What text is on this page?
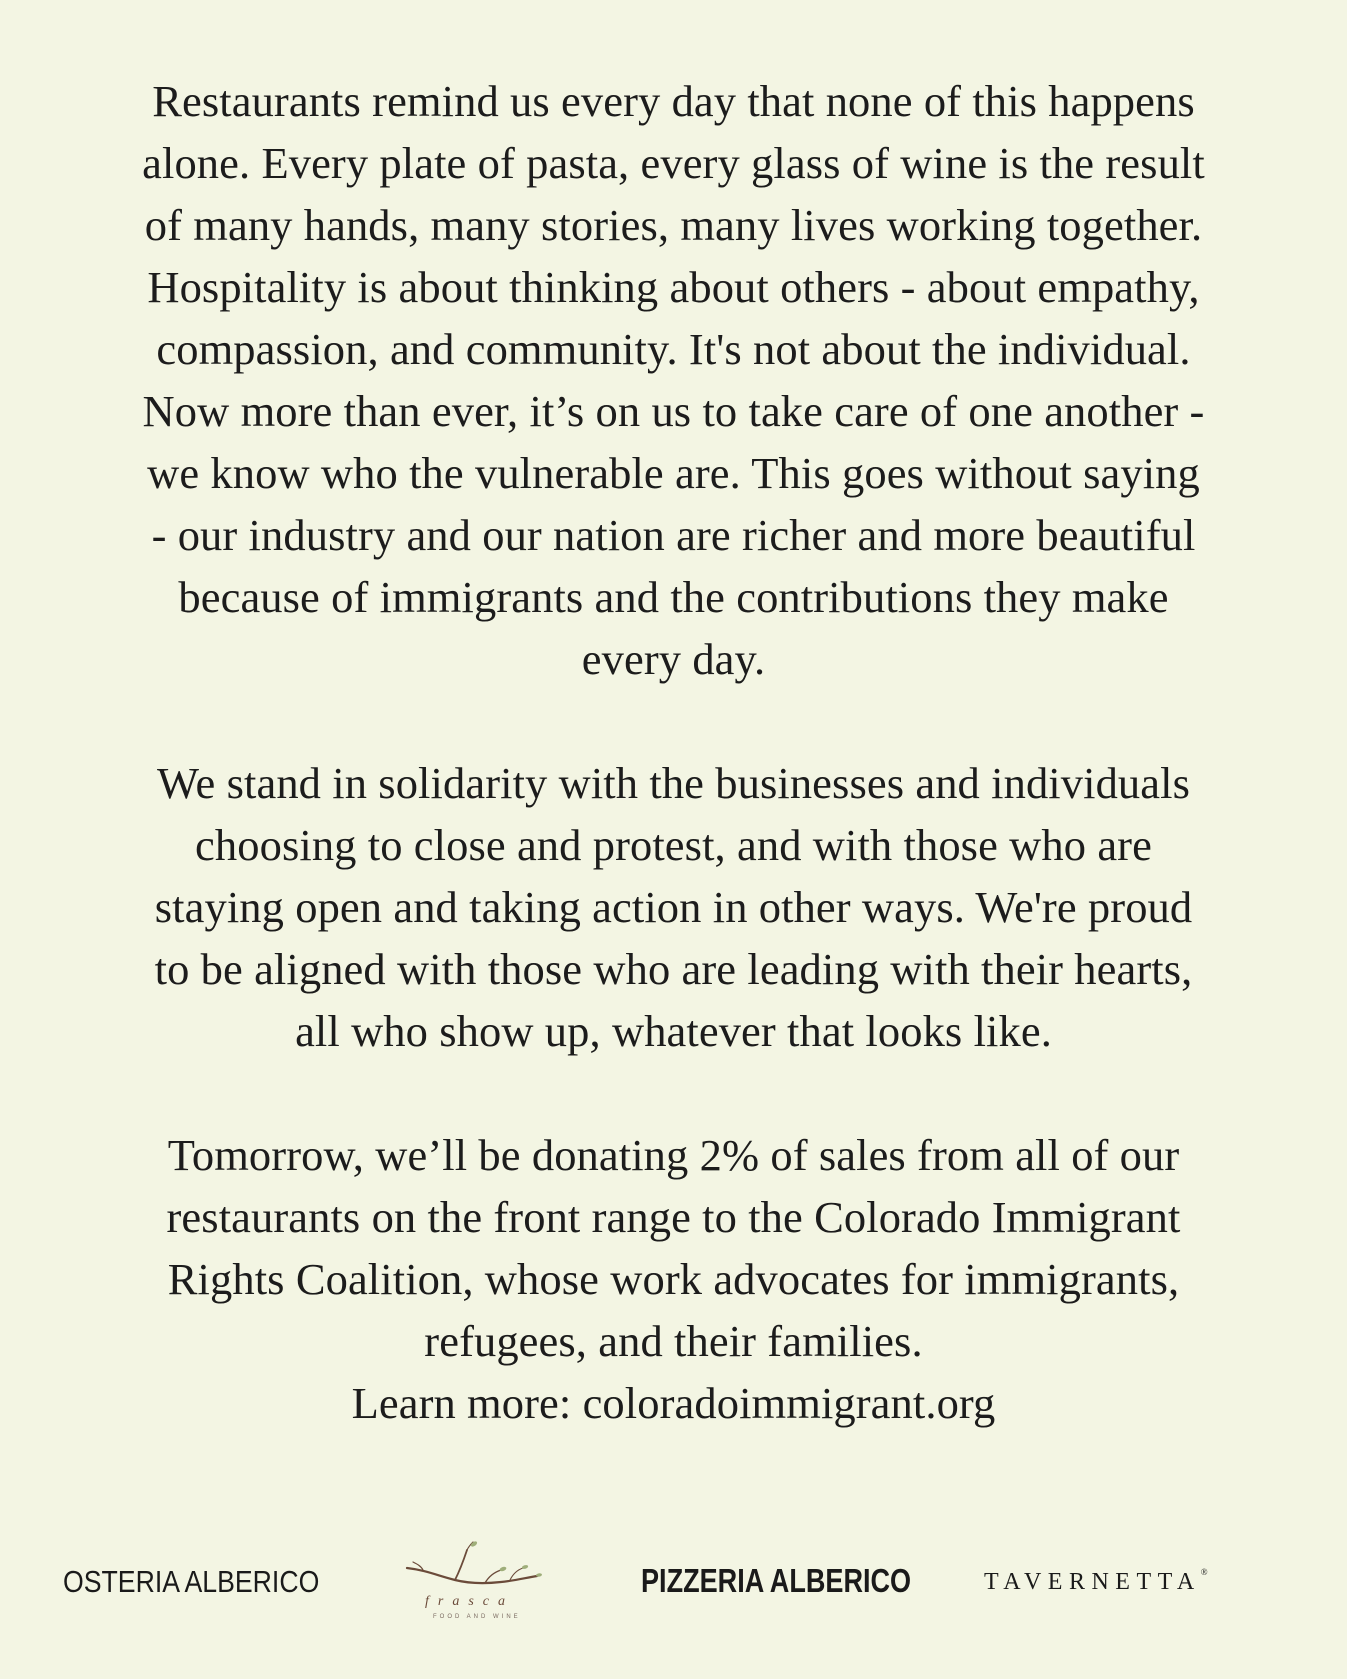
Restaurants remind us every day that none of this happens
alone. Every plate of pasta, every glass of wine is the result
of many hands, many stories, many lives working together.
Hospitality is about thinking about others - about empathy,
compassion, and community. It's not about the individual.
Now more than ever, it’s on us to take care of one another -
we know who the vulnerable are. This goes without saying
- our industry and our nation are richer and more beautiful
because of immigrants and the contributions they make
every day.

We stand in solidarity with the businesses and individuals
choosing to close and protest, and with those who are
staying open and taking action in other ways. We're proud
to be aligned with those who are leading with their hearts,
all who show up, whatever that looks like.

Tomorrow, we’ll be donating 2% of sales from all of our
restaurants on the front range to the Colorado Immigrant
Rights Coalition, whose work advocates for immigrants,
refugees, and their families.
Learn more: coloradoimmigrant.org

OSTERIA ALBERICO
frasca
FOOD AND WINE
PIZZERIA ALBERICO	TAVERNETTA®
